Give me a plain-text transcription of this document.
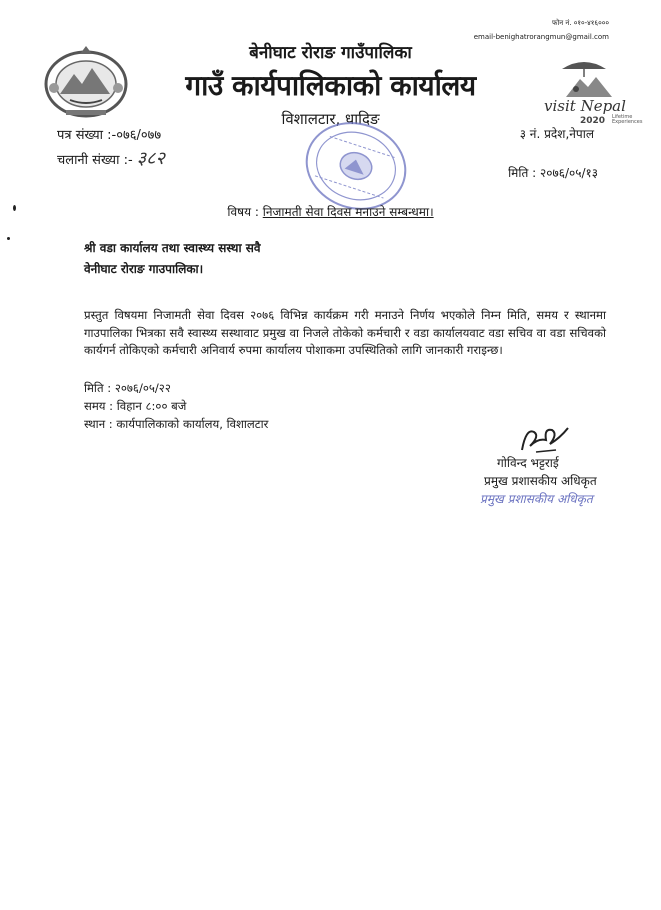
फोन नं. ०१०-४१६०००
email-benighatrorangmun@gmail.com
बेनीघाट रोराङ गाउँपालिका
गाउँ कार्यपालिकाको कार्यालय
विशालटार, धादिङ
visit Nepal
2020 Lifetime Experiences
पत्र संख्या :-०७६/०७७
चलानी संख्या :- ३८२
३ नं. प्रदेश,नेपाल
मिति : २०७६/०५/१३
विषय : निजामती सेवा दिवस मनाउने सम्बन्धमा।
श्री वडा कार्यालय तथा स्वास्थ्य सस्था सवै
वेनीघाट रोराङ गाउपालिका।
प्रस्तुत विषयमा निजामती सेवा दिवस २०७६ विभिन्न कार्यक्रम गरी मनाउने निर्णय भएकोले निम्न मिति, समय र स्थानमा गाउपालिका भित्रका सवै स्वास्थ्य सस्थावाट प्रमुख वा निजले तोकेको कर्मचारी र वडा कार्यालयवाट वडा सचिव वा वडा सचिवको कार्यगर्न तोकिएको कर्मचारी अनिवार्य रुपमा कार्यालय पोशाकमा उपस्थितिको लागि जानकारी गराइन्छ।
मिति : २०७६/०५/२२
समय : विहान ८:०० बजे
स्थान : कार्यपालिकाको कार्यालय, विशालटार
गोविन्द भट्टराई
प्रमुख प्रशासकीय अधिकृत
प्रमुख प्रशासकीय अधिकृत
